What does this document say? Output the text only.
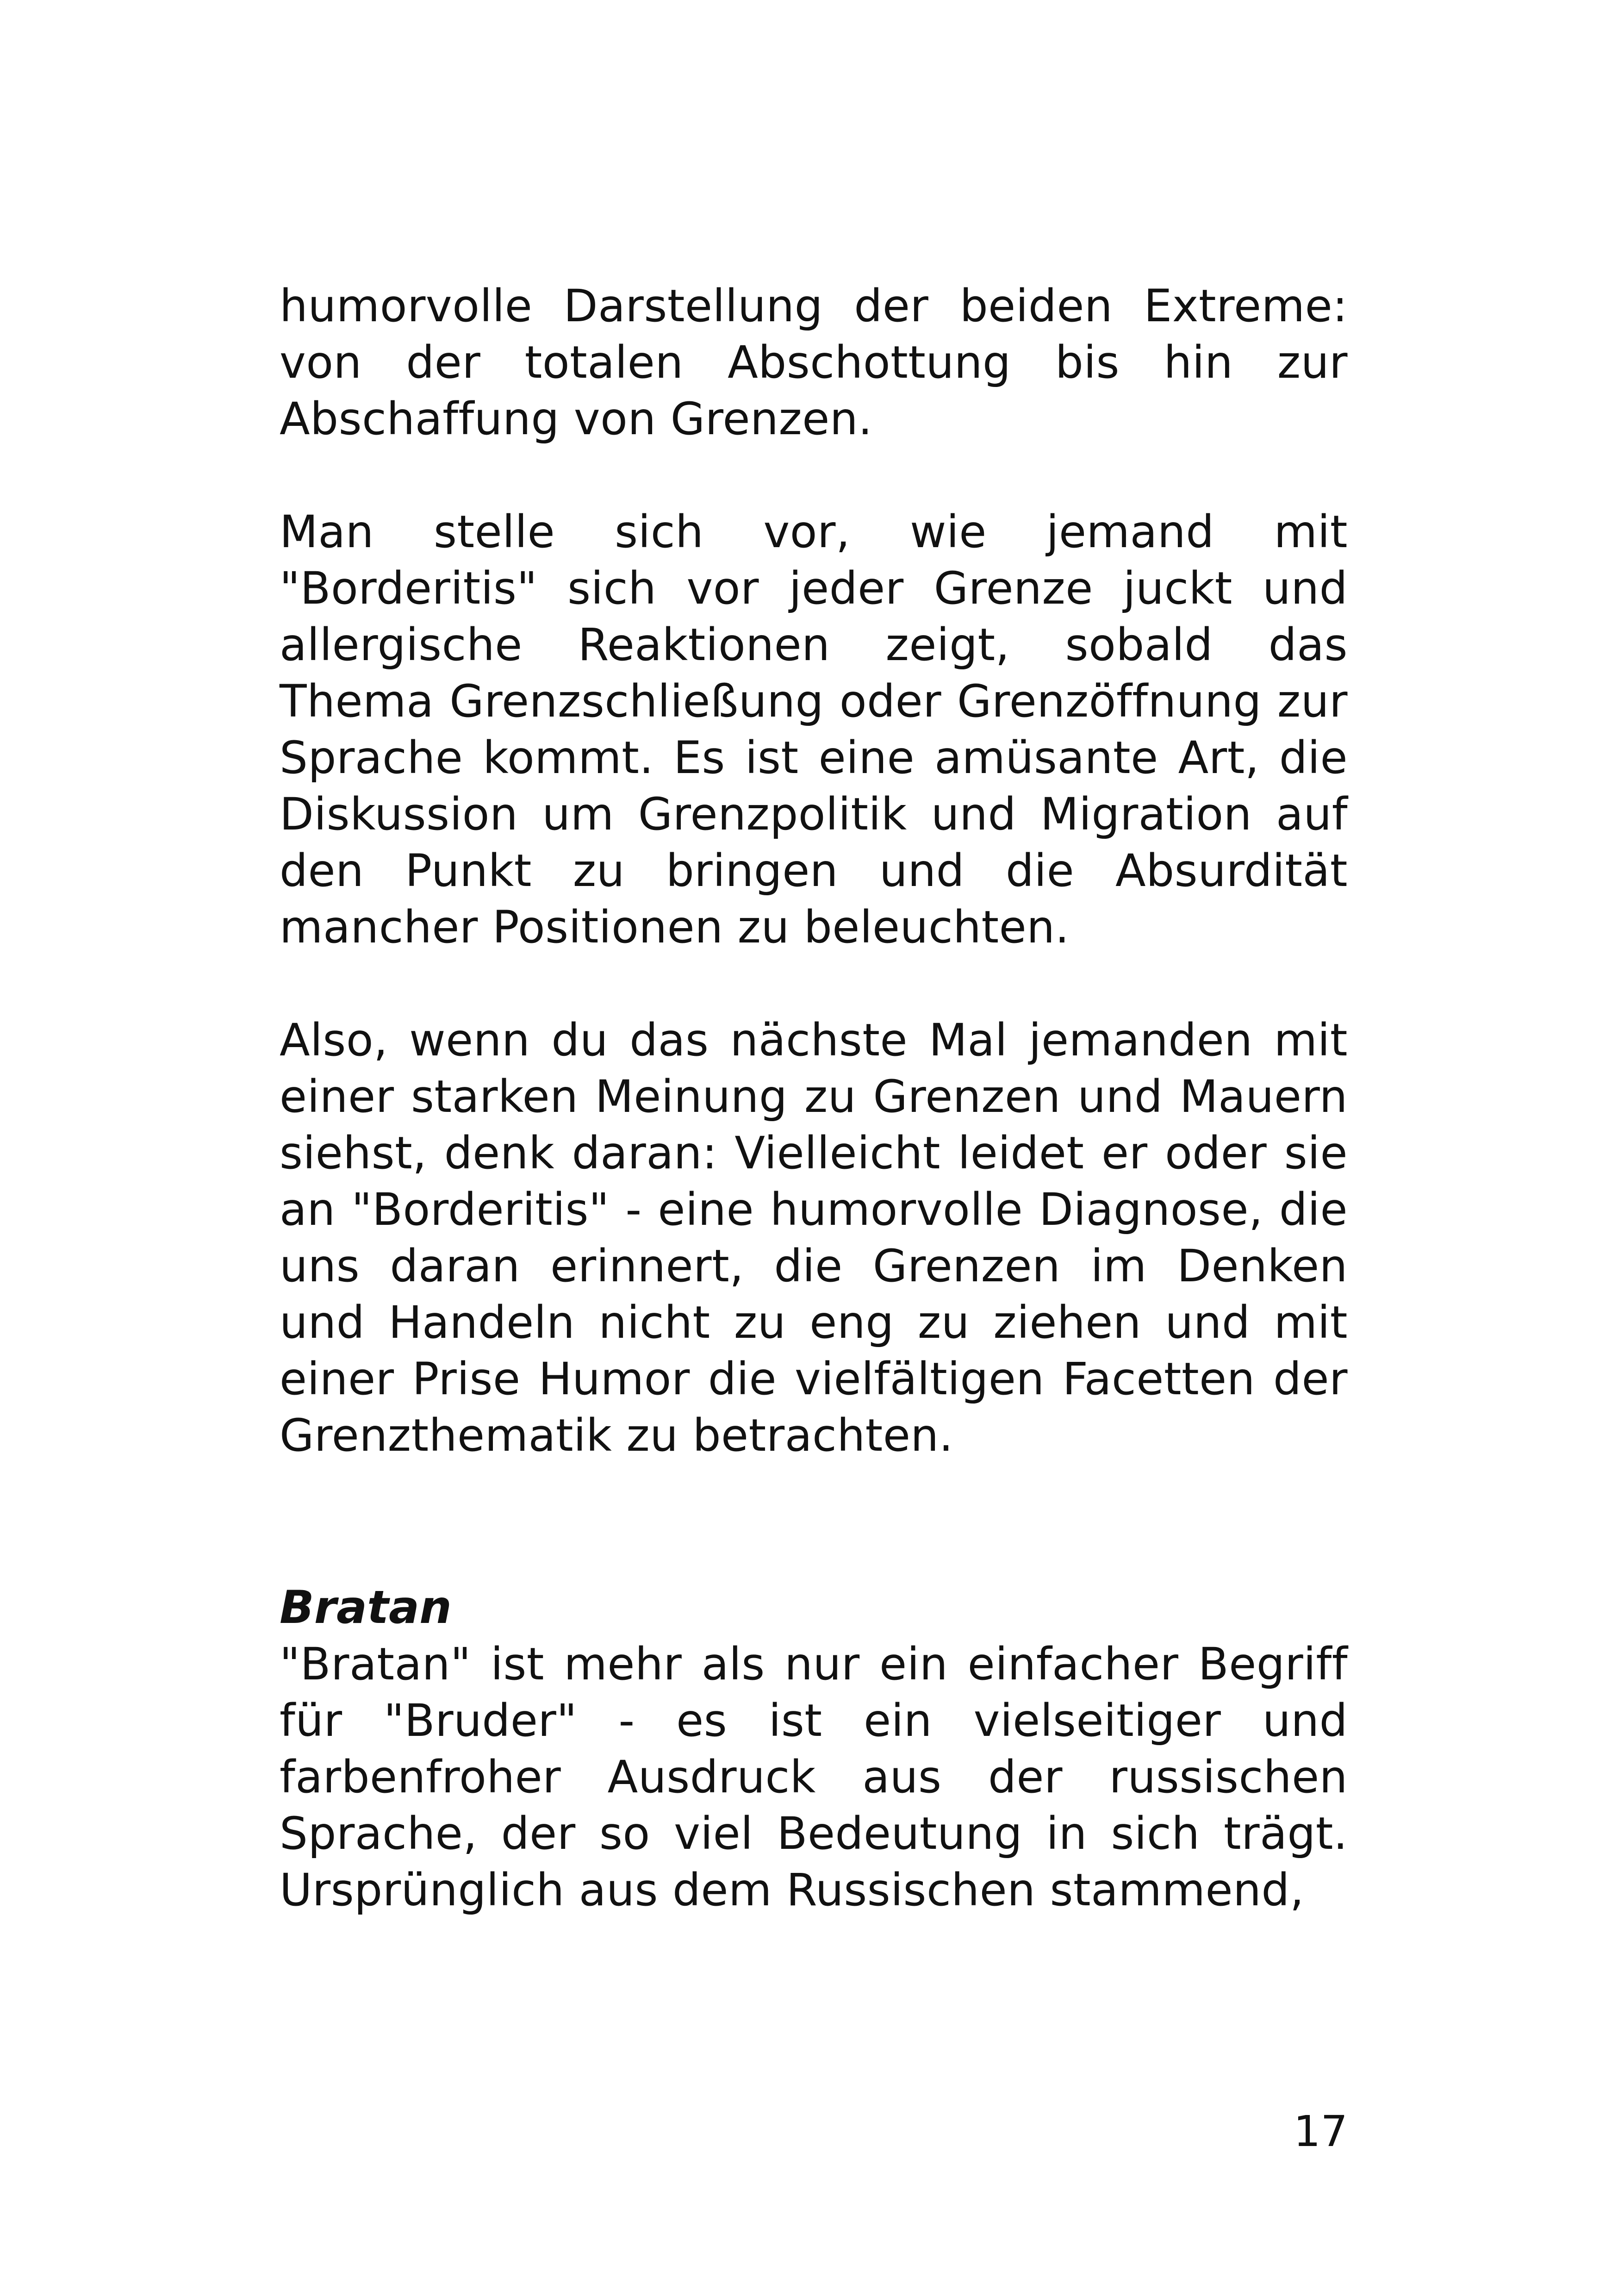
humorvolle Darstellung der beiden Extreme: von der totalen Abschottung bis hin zur Abschaffung von Grenzen.

Man stelle sich vor, wie jemand mit "Borderitis" sich vor jeder Grenze juckt und allergische Reaktionen zeigt, sobald das Thema Grenzschließung oder Grenzöffnung zur Sprache kommt. Es ist eine amüsante Art, die Diskussion um Grenzpolitik und Migration auf den Punkt zu bringen und die Absurdität mancher Positionen zu beleuchten.

Also, wenn du das nächste Mal jemanden mit einer starken Meinung zu Grenzen und Mauern siehst, denk daran: Vielleicht leidet er oder sie an "Borderitis" - eine humorvolle Diagnose, die uns daran erinnert, die Grenzen im Denken und Handeln nicht zu eng zu ziehen und mit einer Prise Humor die vielfältigen Facetten der Grenzthematik zu betrachten.

Bratan

"Bratan" ist mehr als nur ein einfacher Begriff für "Bruder" - es ist ein vielseitiger und farbenfroher Ausdruck aus der russischen Sprache, der so viel Bedeutung in sich trägt. Ursprünglich aus dem Russischen stammend,

17
